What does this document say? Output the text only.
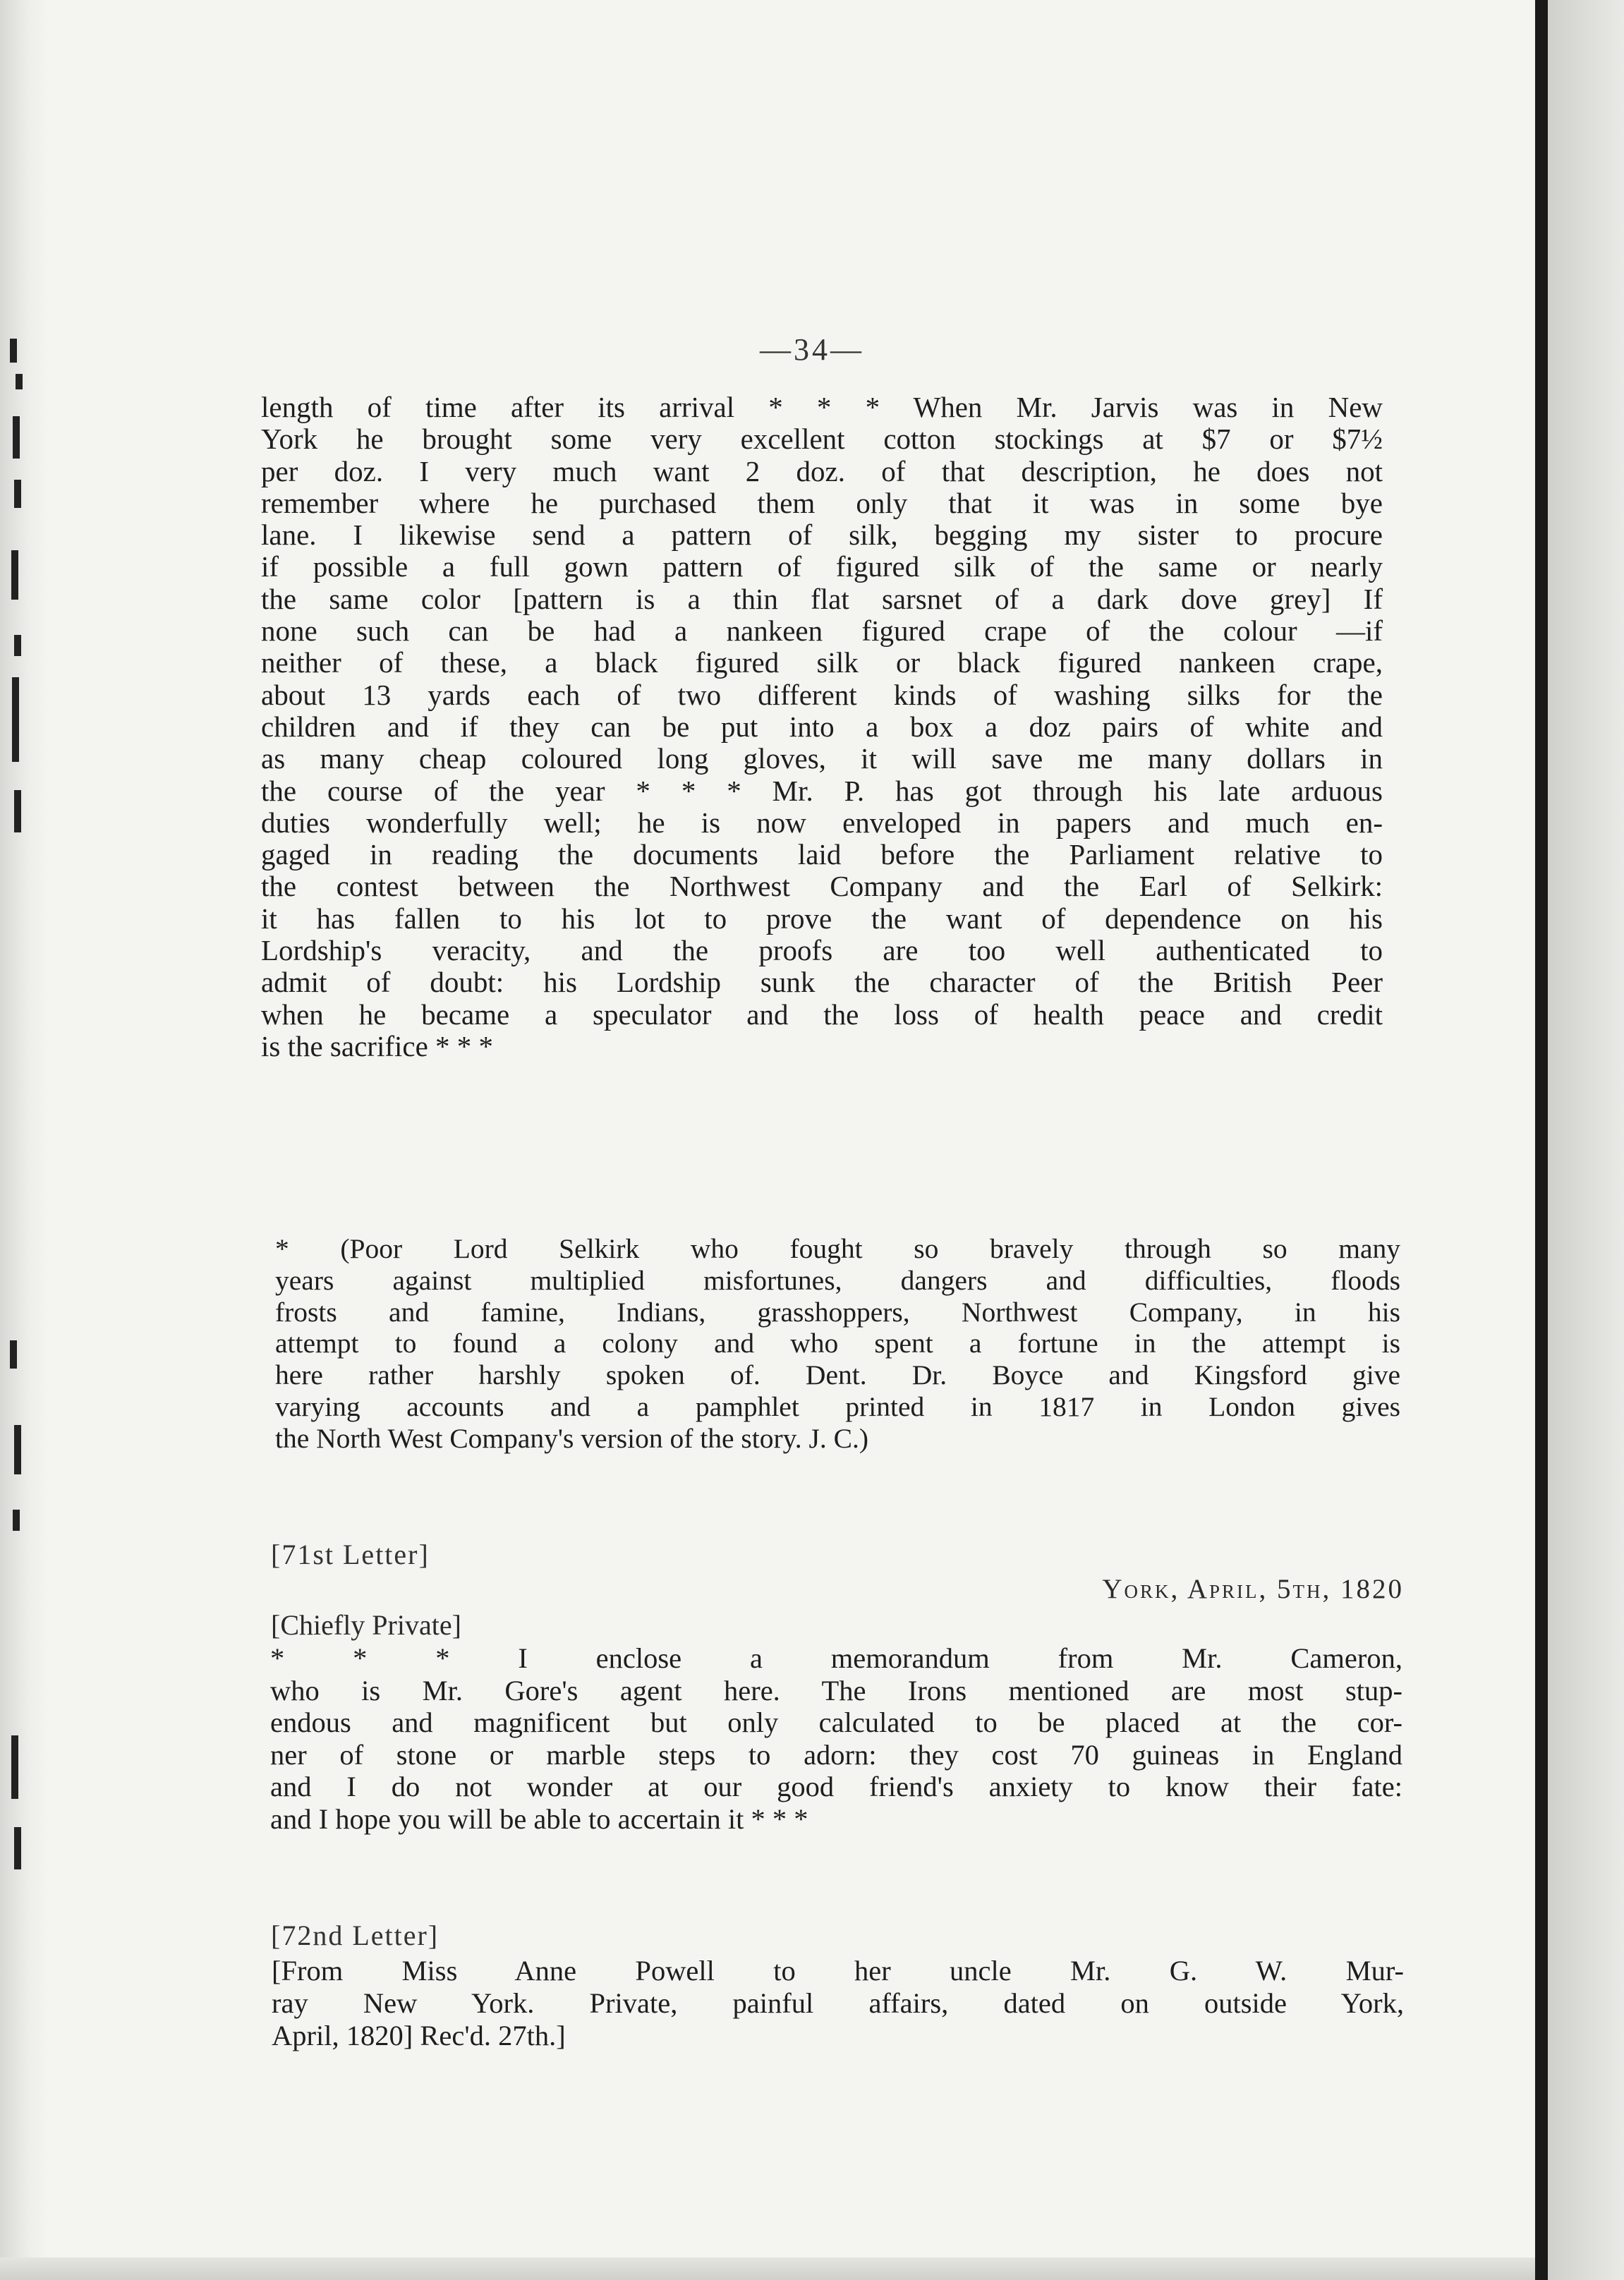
—34—

length of time after its arrival * * * When Mr. Jarvis was in New
York he brought some very excellent cotton stockings at $7 or $7½
per doz. I very much want 2 doz. of that description, he does not
remember where he purchased them only that it was in some bye
lane. I likewise send a pattern of silk, begging my sister to procure
if possible a full gown pattern of figured silk of the same or nearly
the same color [pattern is a thin flat sarsnet of a dark dove grey] If
none such can be had a nankeen figured crape of the colour —if
neither of these, a black figured silk or black figured nankeen crape,
about 13 yards each of two different kinds of washing silks for the
children and if they can be put into a box a doz pairs of white and
as many cheap coloured long gloves, it will save me many dollars in
the course of the year * * * Mr. P. has got through his late arduous
duties wonderfully well; he is now enveloped in papers and much en-
gaged in reading the documents laid before the Parliament relative to
the contest between the Northwest Company and the Earl of Selkirk:
it has fallen to his lot to prove the want of dependence on his
Lordship's veracity, and the proofs are too well authenticated to
admit of doubt: his Lordship sunk the character of the British Peer
when he became a speculator and the loss of health peace and credit
is the sacrifice * * *

* (Poor Lord Selkirk who fought so bravely through so many
years against multiplied misfortunes, dangers and difficulties, floods
frosts and famine, Indians, grasshoppers, Northwest Company, in his
attempt to found a colony and who spent a fortune in the attempt is
here rather harshly spoken of. Dent. Dr. Boyce and Kingsford give
varying accounts and a pamphlet printed in 1817 in London gives
the North West Company's version of the story. J. C.)

[71st Letter]
York, April, 5th, 1820
[Chiefly Private]

* * * I enclose a memorandum from Mr. Cameron,
who is Mr. Gore's agent here. The Irons mentioned are most stup-
endous and magnificent but only calculated to be placed at the cor-
ner of stone or marble steps to adorn: they cost 70 guineas in England
and I do not wonder at our good friend's anxiety to know their fate:
and I hope you will be able to accertain it * * *

[72nd Letter]

[From Miss Anne Powell to her uncle Mr. G. W. Mur-
ray New York. Private, painful affairs, dated on outside York,
April, 1820] Rec'd. 27th.]
